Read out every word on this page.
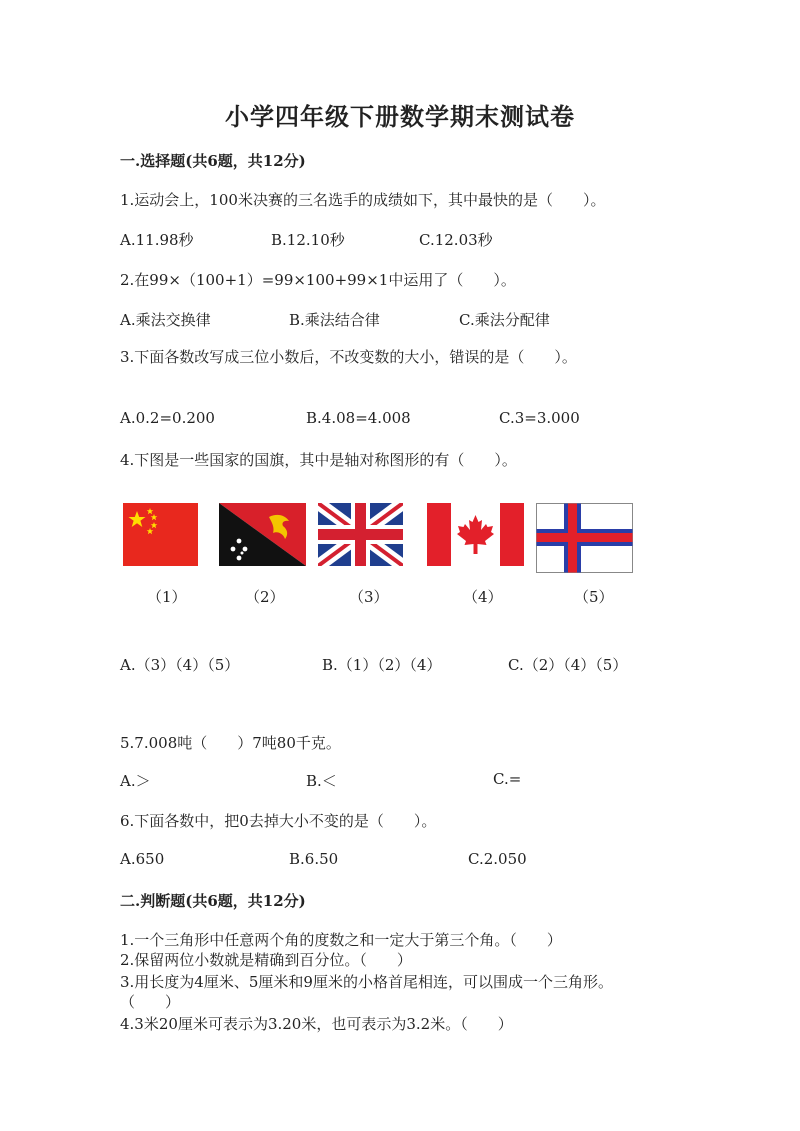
小学四年级下册数学期末测试卷
一.选择题(共6题，共12分)
1.运动会上，100米决赛的三名选手的成绩如下，其中最快的是（　　）。
A.11.98秒	B.12.10秒	C.12.03秒
2.在99×（100+1）=99×100+99×1中运用了（　　）。
A.乘法交换律	B.乘法结合律	C.乘法分配律
3.下面各数改写成三位小数后，不改变数的大小，错误的是（　　）。
A.0.2=0.200	B.4.08=4.008	C.3=3.000
4.下图是一些国家的国旗，其中是轴对称图形的有（　　）。
（1）	（2）	（3）	（4）	（5）
A.（3）（4）（5）	B.（1）（2）（4）	C.（2）（4）（5）
5.7.008吨（　　）7吨80千克。
A.＞	B.＜	C.=
6.下面各数中，把0去掉大小不变的是（　　）。
A.650	B.6.50	C.2.050
二.判断题(共6题，共12分)
1.一个三角形中任意两个角的度数之和一定大于第三个角。（　　）
2.保留两位小数就是精确到百分位。（　　）
3.用长度为4厘米、5厘米和9厘米的小格首尾相连，可以围成一个三角形。
（　　）
4.3米20厘米可表示为3.20米，也可表示为3.2米。（　　）
